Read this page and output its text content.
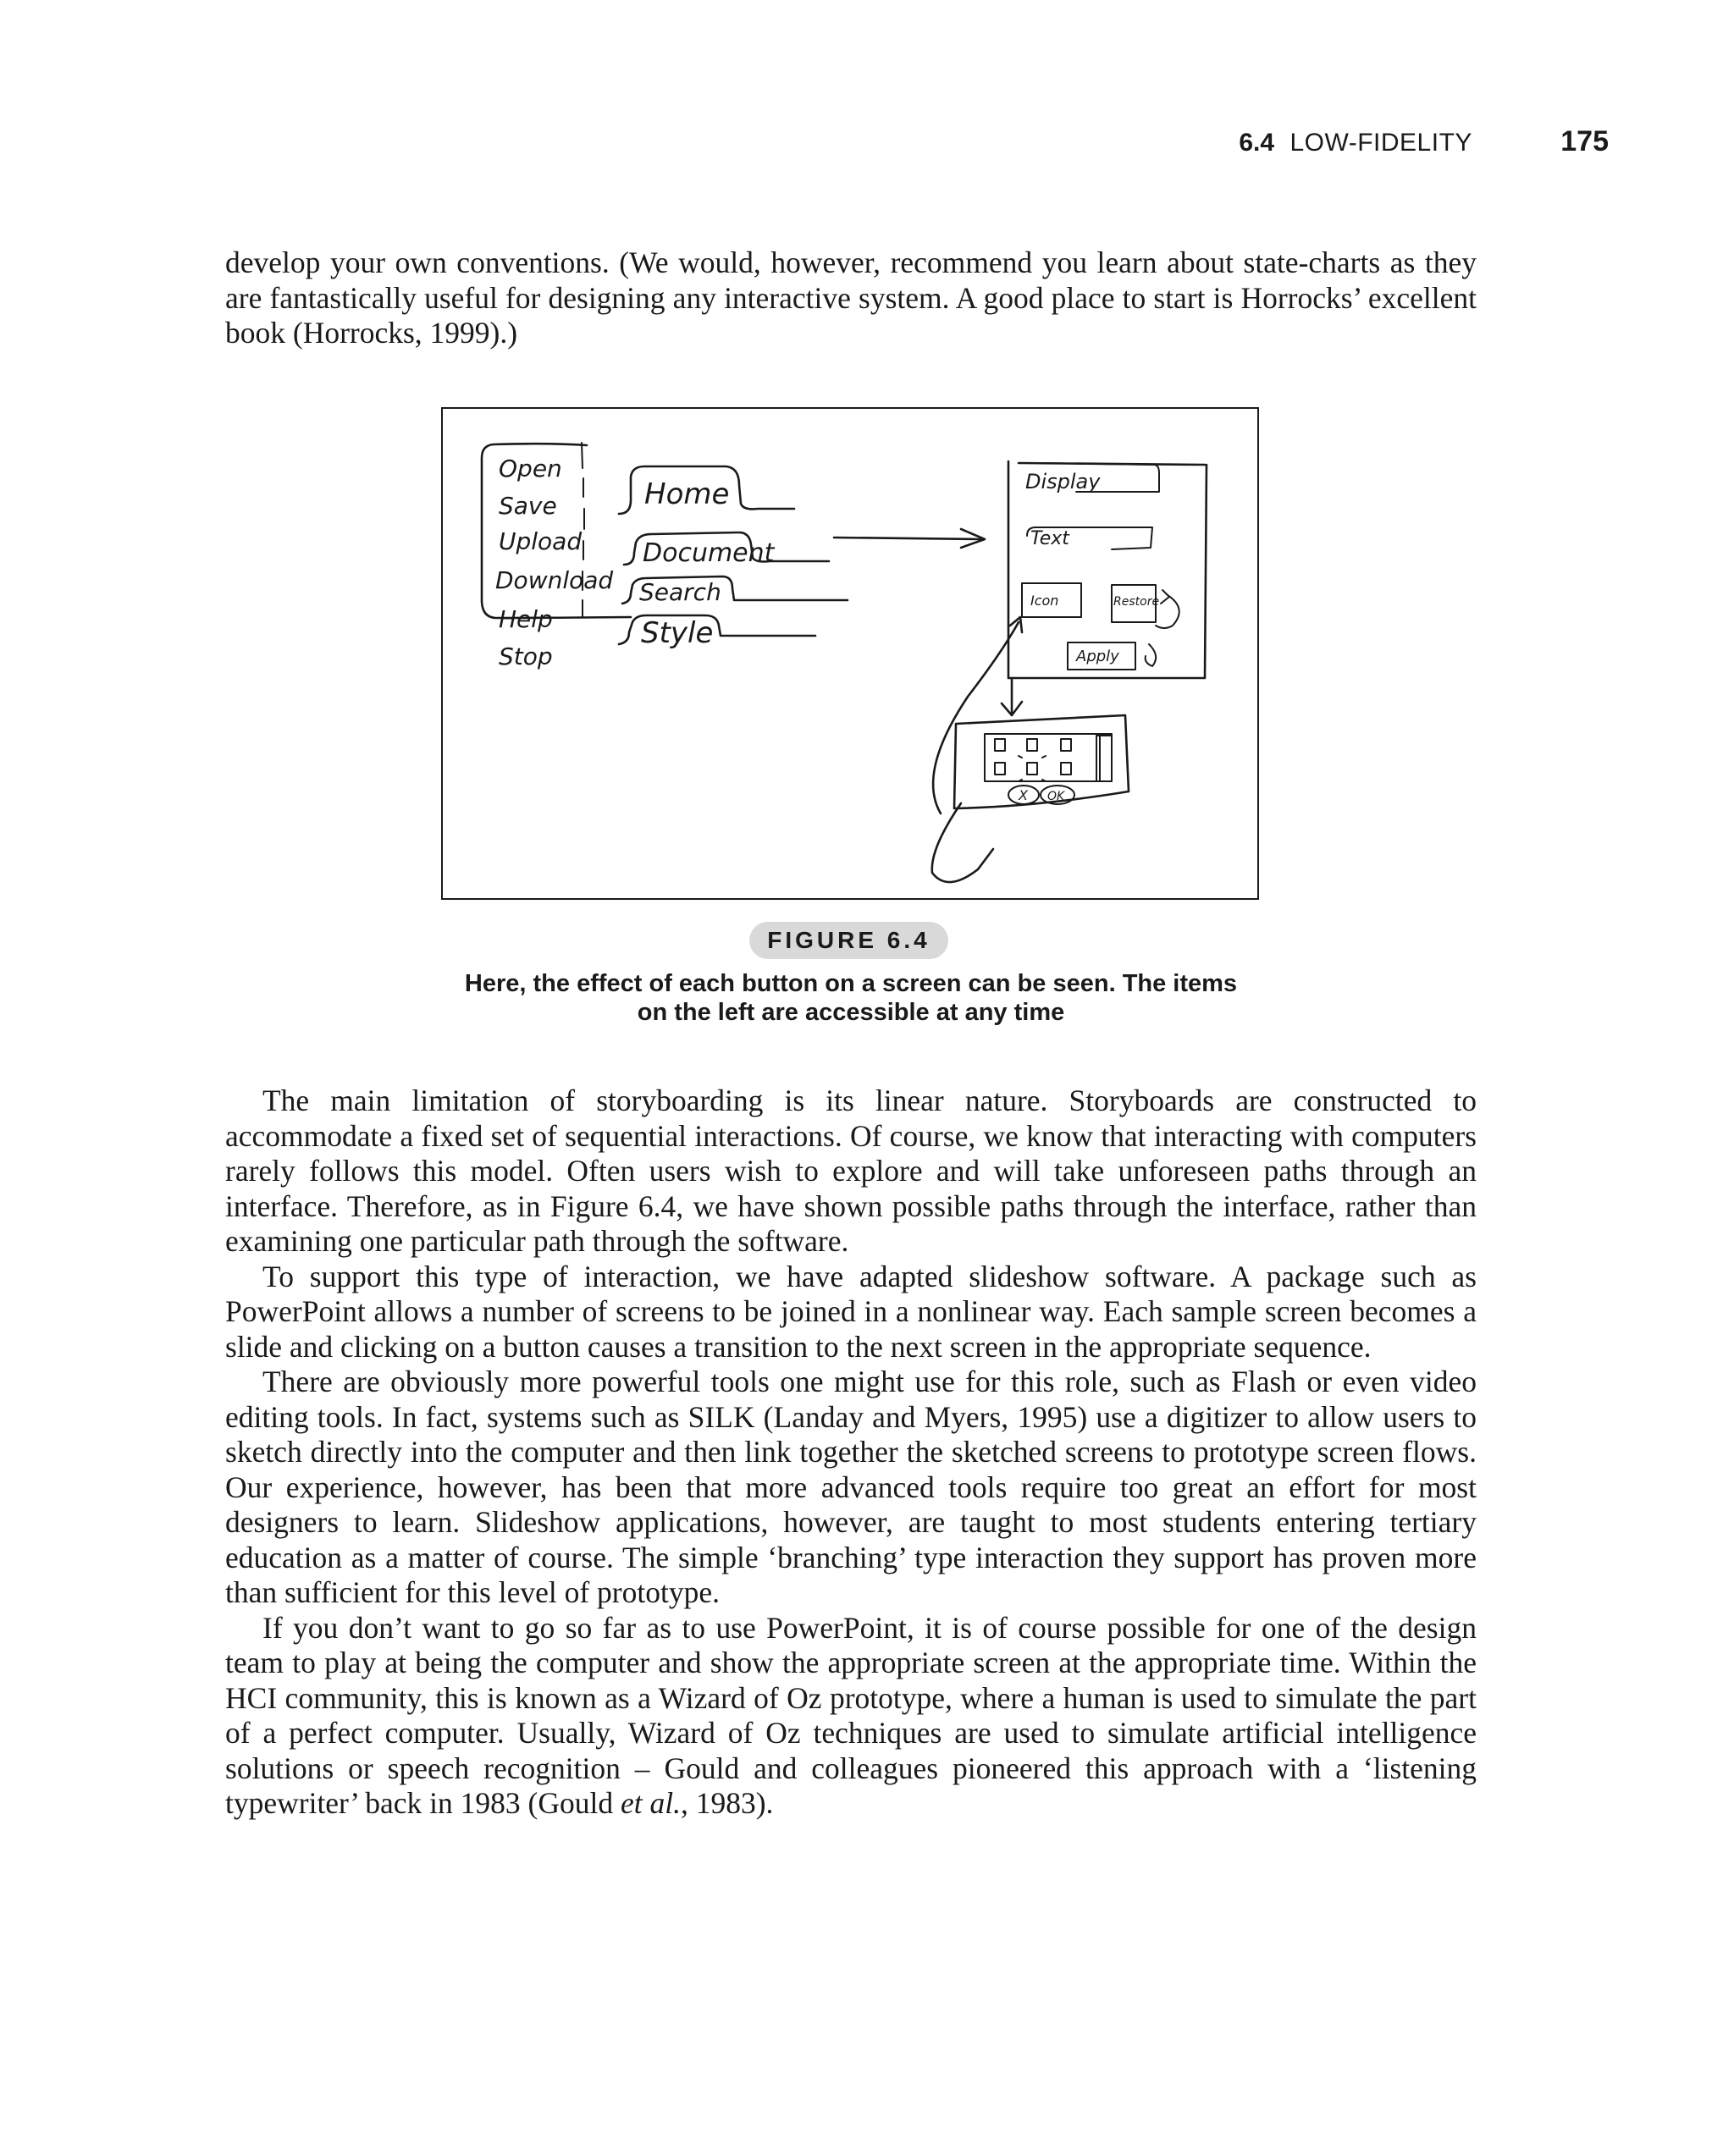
6.4 LOW-FIDELITY	175

develop your own conventions. (We would, however, recommend you learn about state-charts as they are fantastically useful for designing any interactive system. A good place to start is Horrocks’ excellent book (Horrocks, 1999).)

Open
Save
Upload
Download
Help
Stop
Home
Document
Search
Style
Display
Text
Icon	Restore
Apply
X OK
FIGURE 6.4
Here, the effect of each button on a screen can be seen. The items
on the left are accessible at any time

The main limitation of storyboarding is its linear nature. Storyboards are constructed to accommodate a fixed set of sequential interactions. Of course, we know that interacting with computers rarely follows this model. Often users wish to explore and will take unforeseen paths through an interface. Therefore, as in Figure 6.4, we have shown possible paths through the interface, rather than examining one particular path through the software.

To support this type of interaction, we have adapted slideshow software. A package such as PowerPoint allows a number of screens to be joined in a nonlinear way. Each sample screen becomes a slide and clicking on a button causes a transition to the next screen in the appropriate sequence.

There are obviously more powerful tools one might use for this role, such as Flash or even video editing tools. In fact, systems such as SILK (Landay and Myers, 1995) use a digitizer to allow users to sketch directly into the computer and then link together the sketched screens to prototype screen flows. Our experience, however, has been that more advanced tools require too great an effort for most designers to learn. Slideshow applications, however, are taught to most students entering tertiary education as a matter of course. The simple ‘branching’ type interaction they support has proven more than sufficient for this level of prototype.

If you don’t want to go so far as to use PowerPoint, it is of course possible for one of the design team to play at being the computer and show the appropriate screen at the appropriate time. Within the HCI community, this is known as a Wizard of Oz prototype, where a human is used to simulate the part of a perfect computer. Usually, Wizard of Oz techniques are used to simulate artificial intelligence solutions or speech recognition – Gould and colleagues pioneered this approach with a ‘listening typewriter’ back in 1983 (Gould et al., 1983).
